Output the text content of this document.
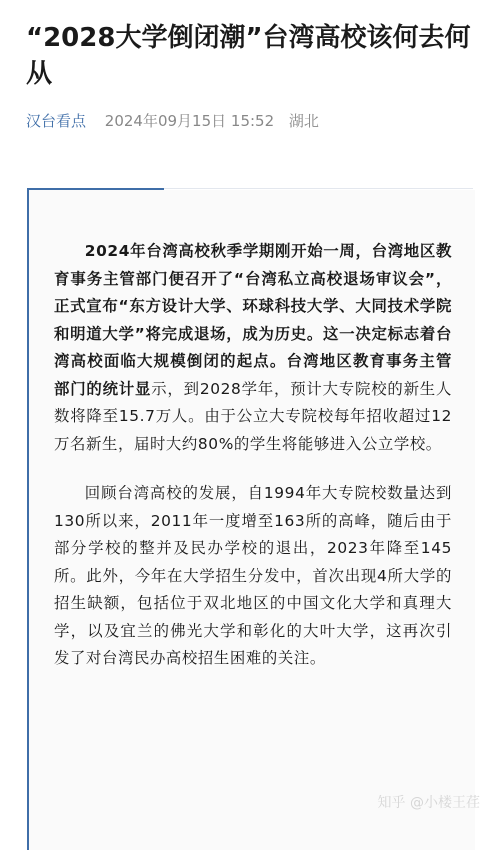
“2028大学倒闭潮”台湾高校该何去何从
汉台看点 2024年09月15日 15:52 湖北

2024年台湾高校秋季学期刚开始一周，台湾地区教育事务主管部门便召开了“台湾私立高校退场审议会”，正式宣布“东方设计大学、环球科技大学、大同技术学院和明道大学”将完成退场，成为历史。这一决定标志着台湾高校面临大规模倒闭的起点。台湾地区教育事务主管部门的统计显示，到2028学年，预计大专院校的新生人数将降至15.7万人。由于公立大专院校每年招收超过12万名新生，届时大约80%的学生将能够进入公立学校。

回顾台湾高校的发展，自1994年大专院校数量达到130所以来，2011年一度增至163所的高峰，随后由于部分学校的整并及民办学校的退出，2023年降至145所。此外，今年在大学招生分发中，首次出现4所大学的招生缺额，包括位于双北地区的中国文化大学和真理大学，以及宜兰的佛光大学和彰化的大叶大学，这再次引发了对台湾民办高校招生困难的关注。

知乎 @小楼王荏
